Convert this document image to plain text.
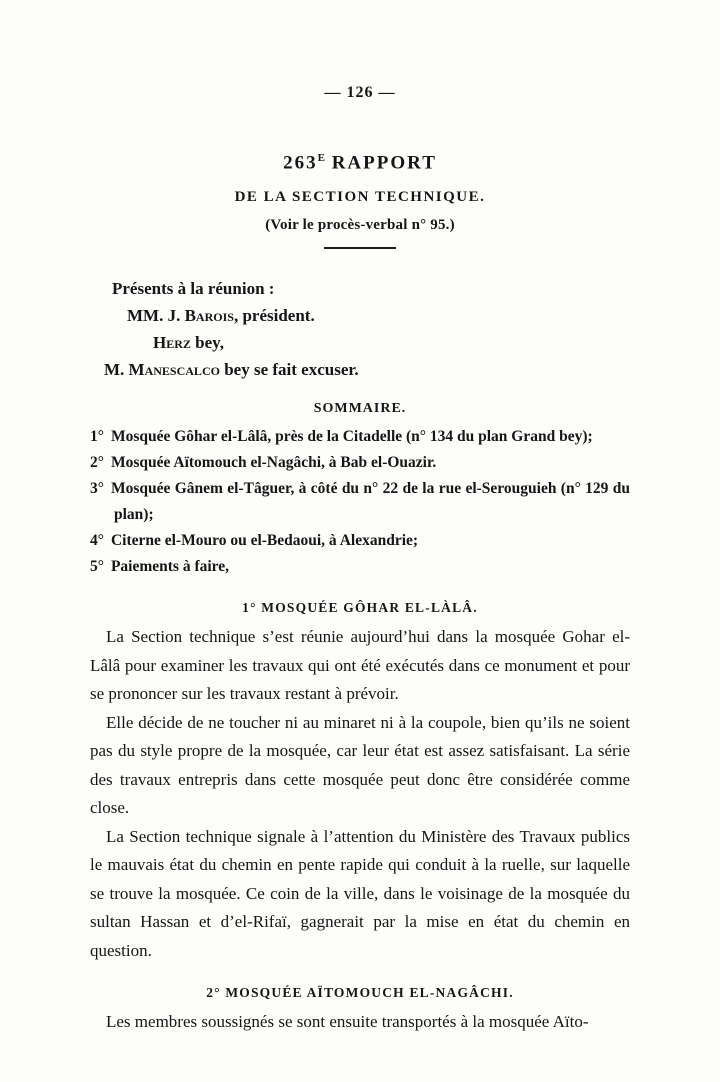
— 126 —
$263^E$ RAPPORT
DE LA SECTION TECHNIQUE.
(Voir le procès-verbal n° 95.)
Présents à la réunion :
MM. J. Barois, président.
Herz bey,
M. Manescalco bey se fait excuser.
SOMMAIRE.
1° Mosquée Gôhar el-Lâlâ, près de la Citadelle (n° 134 du plan Grand bey);
2° Mosquée Aïtomouch el-Nagâchi, à Bab el-Ouazir.
3° Mosquée Gânem el-Tâguer, à côté du n° 22 de la rue el-Serouguieh (n° 129 du plan);
4° Citerne el-Mouro ou el-Bedaoui, à Alexandrie;
5° Paiements à faire,
1° MOSQUÉE GÔHAR EL-LÀLÂ.

La Section technique s’est réunie aujourd’hui dans la mosquée Gohar el-Lâlâ pour examiner les travaux qui ont été exécutés dans ce monument et pour se prononcer sur les travaux restant à prévoir.

Elle décide de ne toucher ni au minaret ni à la coupole, bien qu’ils ne soient pas du style propre de la mosquée, car leur état est assez satisfaisant. La série des travaux entrepris dans cette mosquée peut donc être considérée comme close.

La Section technique signale à l’attention du Ministère des Travaux publics le mauvais état du chemin en pente rapide qui conduit à la ruelle, sur laquelle se trouve la mosquée. Ce coin de la ville, dans le voisinage de la mosquée du sultan Hassan et d’el-Rifaï, gagnerait par la mise en état du chemin en question.

2° MOSQUÉE AÏTOMOUCH EL-NAGÂCHI.

Les membres soussignés se sont ensuite transportés à la mosquée Aïto-
